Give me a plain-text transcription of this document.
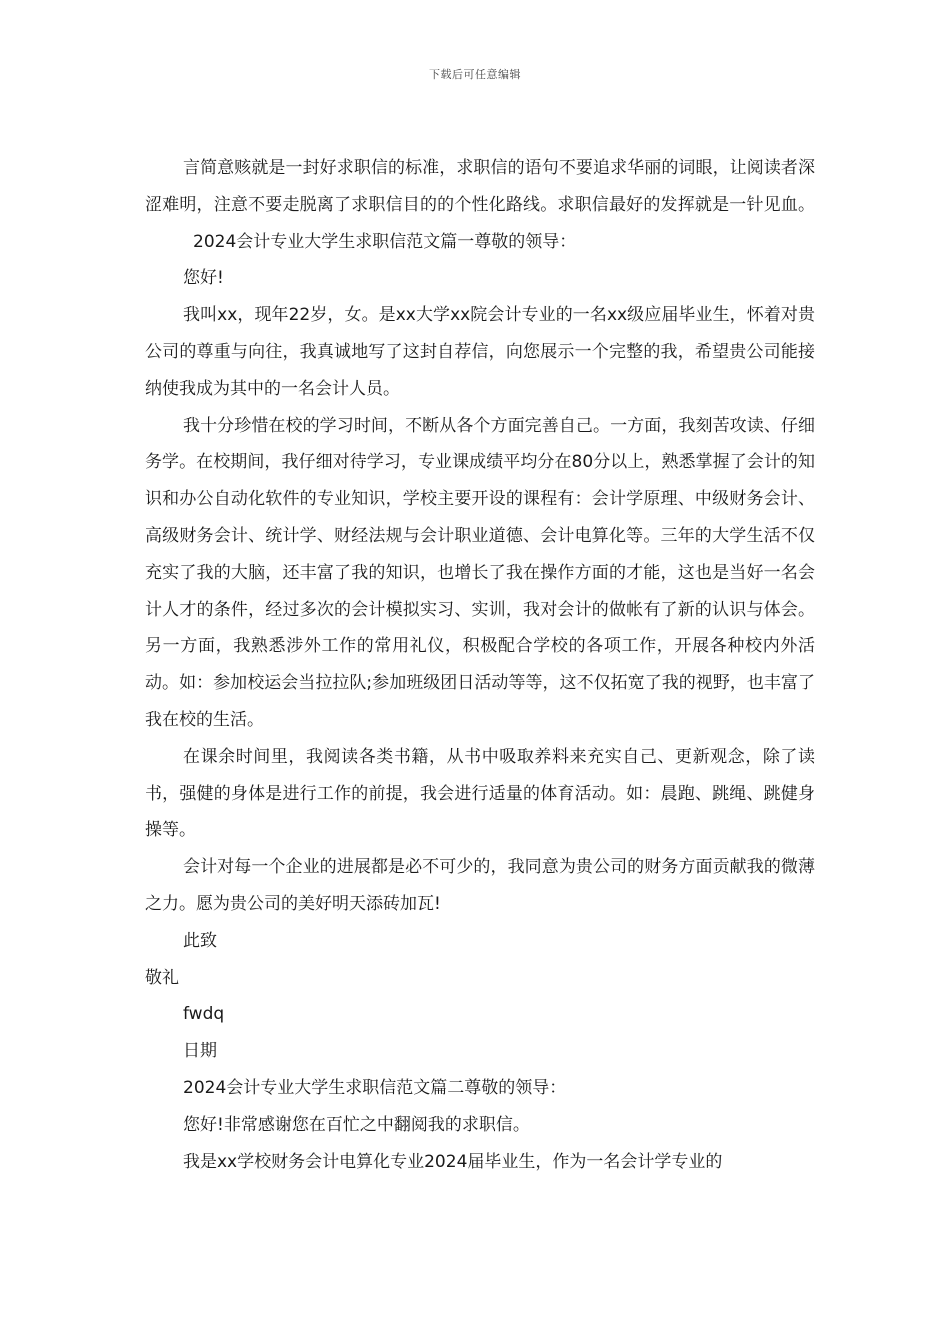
下载后可任意编辑

言简意赅就是一封好求职信的标准，求职信的语句不要追求华丽的词眼，让阅读者深涩难明，注意不要走脱离了求职信目的的个性化路线。求职信最好的发挥就是一针见血。2024会计专业大学生求职信范文篇一尊敬的领导：

您好!

我叫xx，现年22岁，女。是xx大学xx院会计专业的一名xx级应届毕业生，怀着对贵公司的尊重与向往，我真诚地写了这封自荐信，向您展示一个完整的我，希望贵公司能接纳使我成为其中的一名会计人员。

我十分珍惜在校的学习时间，不断从各个方面完善自己。一方面，我刻苦攻读、仔细务学。在校期间，我仔细对待学习，专业课成绩平均分在80分以上，熟悉掌握了会计的知识和办公自动化软件的专业知识，学校主要开设的课程有：会计学原理、中级财务会计、高级财务会计、统计学、财经法规与会计职业道德、会计电算化等。三年的大学生活不仅充实了我的大脑，还丰富了我的知识，也增长了我在操作方面的才能，这也是当好一名会计人才的条件，经过多次的会计模拟实习、实训，我对会计的做帐有了新的认识与体会。另一方面，我熟悉涉外工作的常用礼仪，积极配合学校的各项工作，开展各种校内外活动。如：参加校运会当拉拉队;参加班级团日活动等等，这不仅拓宽了我的视野，也丰富了我在校的生活。

在课余时间里，我阅读各类书籍，从书中吸取养料来充实自己、更新观念，除了读书，强健的身体是进行工作的前提，我会进行适量的体育活动。如：晨跑、跳绳、跳健身操等。

会计对每一个企业的进展都是必不可少的，我同意为贵公司的财务方面贡献我的微薄之力。愿为贵公司的美好明天添砖加瓦!

此致

敬礼

fwdq

日期

2024会计专业大学生求职信范文篇二尊敬的领导：

您好!非常感谢您在百忙之中翻阅我的求职信。

我是xx学校财务会计电算化专业2024届毕业生，作为一名会计学专业的
